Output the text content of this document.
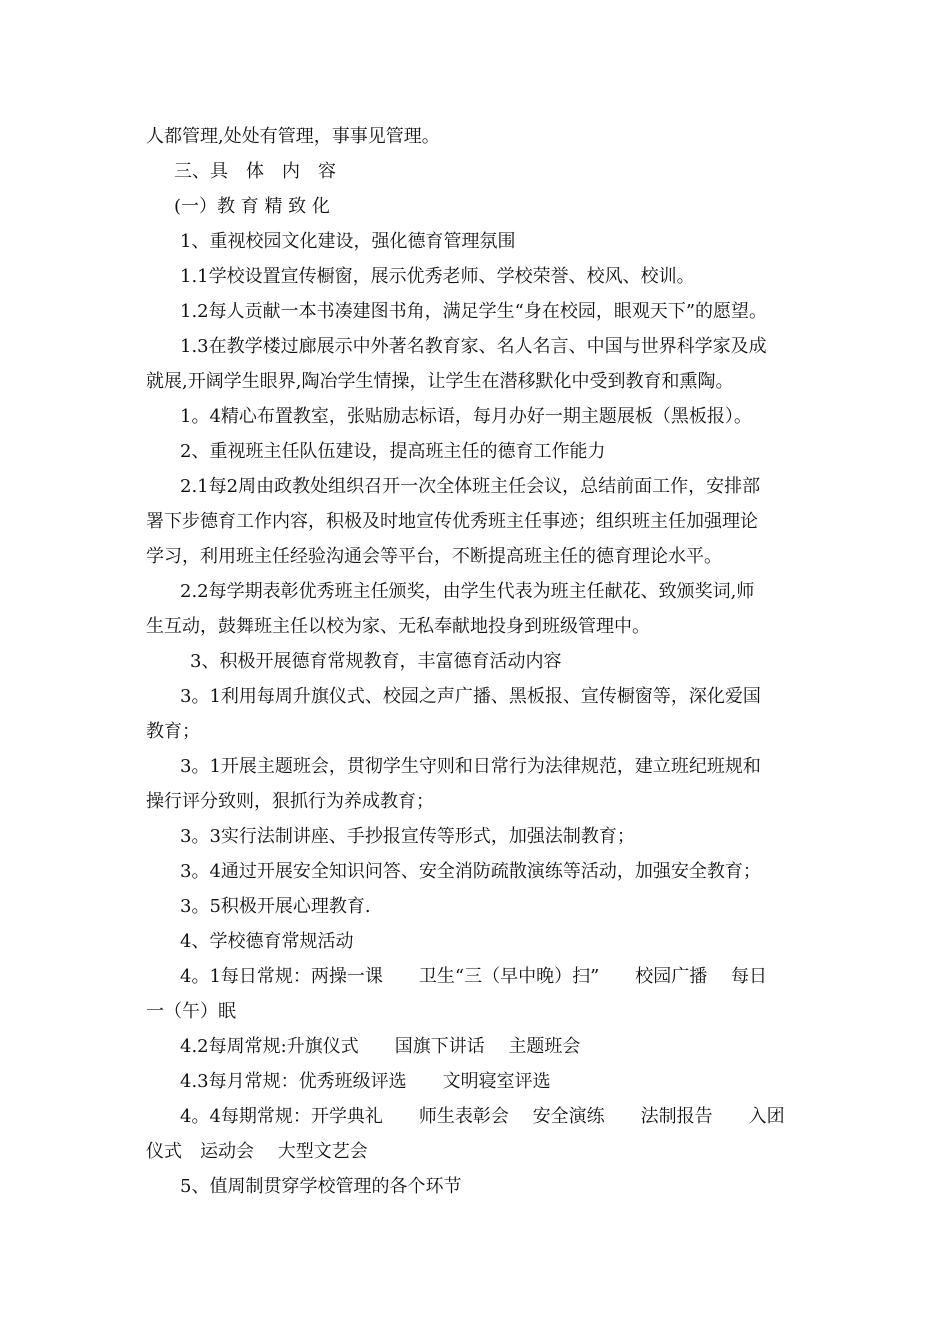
人都管理,处处有管理，事事见管理。
三、具　体　内　容
(一）教 育 精 致 化
1、重视校园文化建设，强化德育管理氛围
1.1学校设置宣传橱窗，展示优秀老师、学校荣誉、校风、校训。
1.2每人贡献一本书凑建图书角，满足学生“身在校园，眼观天下”的愿望。
1.3在教学楼过廊展示中外著名教育家、名人名言、中国与世界科学家及成
就展,开阔学生眼界,陶冶学生情操，让学生在潜移默化中受到教育和熏陶。
1。4精心布置教室，张贴励志标语，每月办好一期主题展板（黑板报）。
2、重视班主任队伍建设，提高班主任的德育工作能力
2.1每2周由政教处组织召开一次全体班主任会议，总结前面工作，安排部
署下步德育工作内容，积极及时地宣传优秀班主任事迹；组织班主任加强理论
学习，利用班主任经验沟通会等平台，不断提高班主任的德育理论水平。
2.2每学期表彰优秀班主任颁奖，由学生代表为班主任献花、致颁奖词,师
生互动，鼓舞班主任以校为家、无私奉献地投身到班级管理中。
3、积极开展德育常规教育，丰富德育活动内容
3。1利用每周升旗仪式、校园之声广播、黑板报、宣传橱窗等，深化爱国
教育；
3。1开展主题班会，贯彻学生守则和日常行为法律规范，建立班纪班规和
操行评分致则，狠抓行为养成教育；
3。3实行法制讲座、手抄报宣传等形式，加强法制教育；
3。4通过开展安全知识问答、安全消防疏散演练等活动，加强安全教育；
3。5积极开展心理教育.
4、学校德育常规活动
4。1每日常规：两操一课　　卫生“三（早中晚）扫”　　校园广播　 每日
一（午）眠
4.2每周常规:升旗仪式　　国旗下讲话　 主题班会
4.3每月常规：优秀班级评选　　文明寝室评选
4。4每期常规：开学典礼　　师生表彰会　 安全演练　　法制报告　　入团
仪式　运动会　 大型文艺会
5、值周制贯穿学校管理的各个环节
